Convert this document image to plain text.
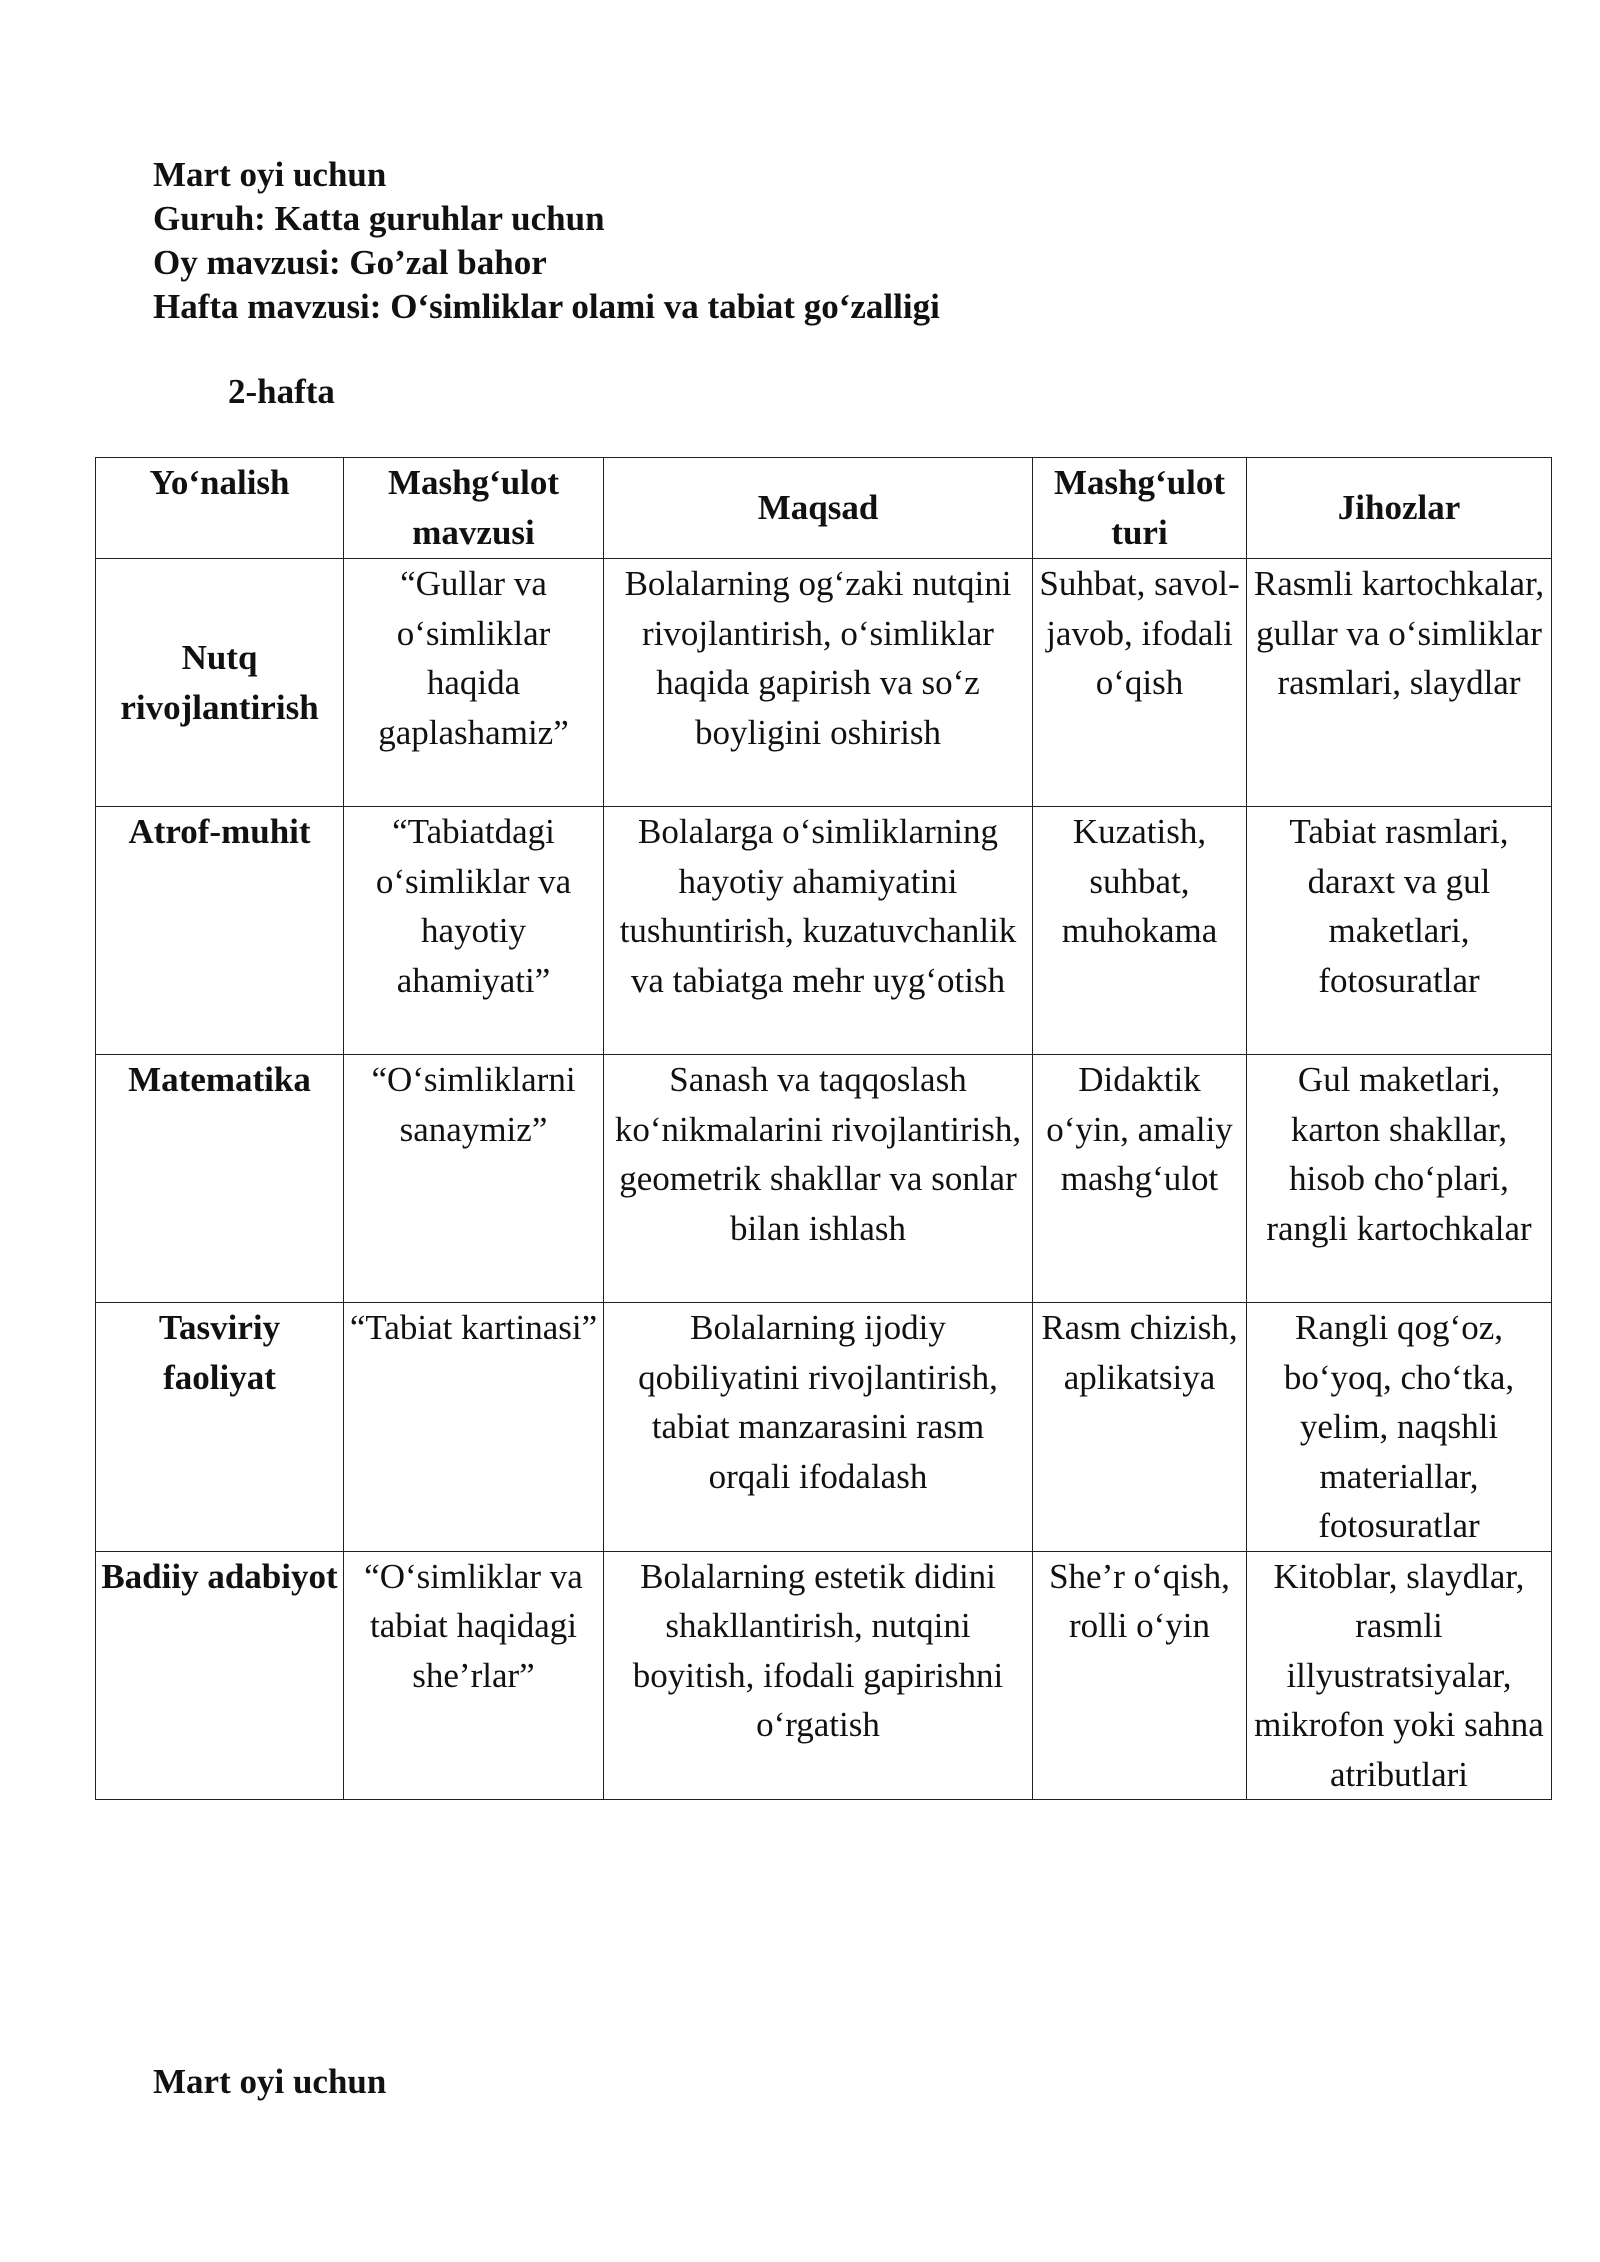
Mart oyi uchun
Guruh: Katta guruhlar uchun
Oy mavzusi: Go’zal bahor
Hafta mavzusi: O‘simliklar olami va tabiat go‘zalligi
2-hafta
Yo‘nalish	Mashg‘ulot mavzusi	Maqsad	Mashg‘ulot turi	Jihozlar
Nutq rivojlantirish	“Gullar va o‘simliklar haqida gaplashamiz”	Bolalarning og‘zaki nutqini rivojlantirish, o‘simliklar haqida gapirish va so‘z boyligini oshirish	Suhbat, savol-javob, ifodali o‘qish	Rasmli kartochkalar, gullar va o‘simliklar rasmlari, slaydlar
Atrof-muhit	“Tabiatdagi o‘simliklar va hayotiy ahamiyati”	Bolalarga o‘simliklarning hayotiy ahamiyatini tushuntirish, kuzatuvchanlik va tabiatga mehr uyg‘otish	Kuzatish, suhbat, muhokama	Tabiat rasmlari, daraxt va gul maketlari, fotosuratlar
Matematika	“O‘simliklarni sanaymiz”	Sanash va taqqoslash ko‘nikmalarini rivojlantirish, geometrik shakllar va sonlar bilan ishlash	Didaktik o‘yin, amaliy mashg‘ulot	Gul maketlari, karton shakllar, hisob cho‘plari, rangli kartochkalar
Tasviriy faoliyat	“Tabiat kartinasi”	Bolalarning ijodiy qobiliyatini rivojlantirish, tabiat manzarasini rasm orqali ifodalash	Rasm chizish, aplikatsiya	Rangli qog‘oz, bo‘yoq, cho‘tka, yelim, naqshli materiallar, fotosuratlar
Badiiy adabiyot	“O‘simliklar va tabiat haqidagi she’rlar”	Bolalarning estetik didini shakllantirish, nutqini boyitish, ifodali gapirishni o‘rgatish	She’r o‘qish, rolli o‘yin	Kitoblar, slaydlar, rasmli illyustratsiyalar, mikrofon yoki sahna atributlari
Mart oyi uchun
